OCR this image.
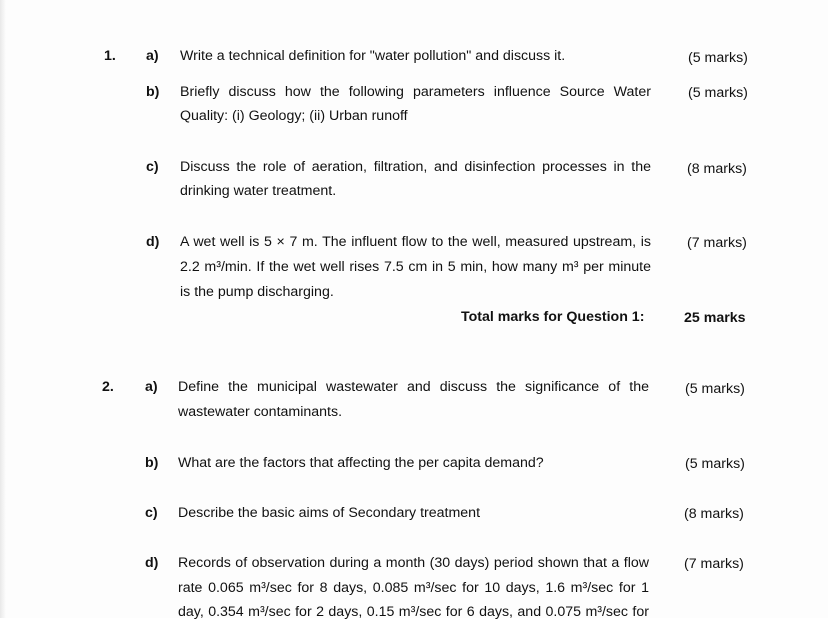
1. a) Write a technical definition for "water pollution" and discuss it.	(5 marks)
b) Briefly discuss how the following parameters influence Source Water
Quality: (i) Geology; (ii) Urban runoff
(5 marks)
c) Discuss the role of aeration, filtration, and disinfection processes in the
drinking water treatment.
(8 marks)
d) A wet well is 5 × 7 m. The influent flow to the well, measured upstream, is
2.2 m³/min. If the wet well rises 7.5 cm in 5 min, how many m³ per minute
is the pump discharging.
(7 marks)
Total marks for Question 1:	25 marks
2. a) Define the municipal wastewater and discuss the significance of the
wastewater contaminants.
(5 marks)
b) What are the factors that affecting the per capita demand?	(5 marks)
c) Describe the basic aims of Secondary treatment	(8 marks)
d) Records of observation during a month (30 days) period shown that a flow
rate 0.065 m³/sec for 8 days, 0.085 m³/sec for 10 days, 1.6 m³/sec for 1
day, 0.354 m³/sec for 2 days, 0.15 m³/sec for 6 days, and 0.075 m³/sec for
(7 marks)
